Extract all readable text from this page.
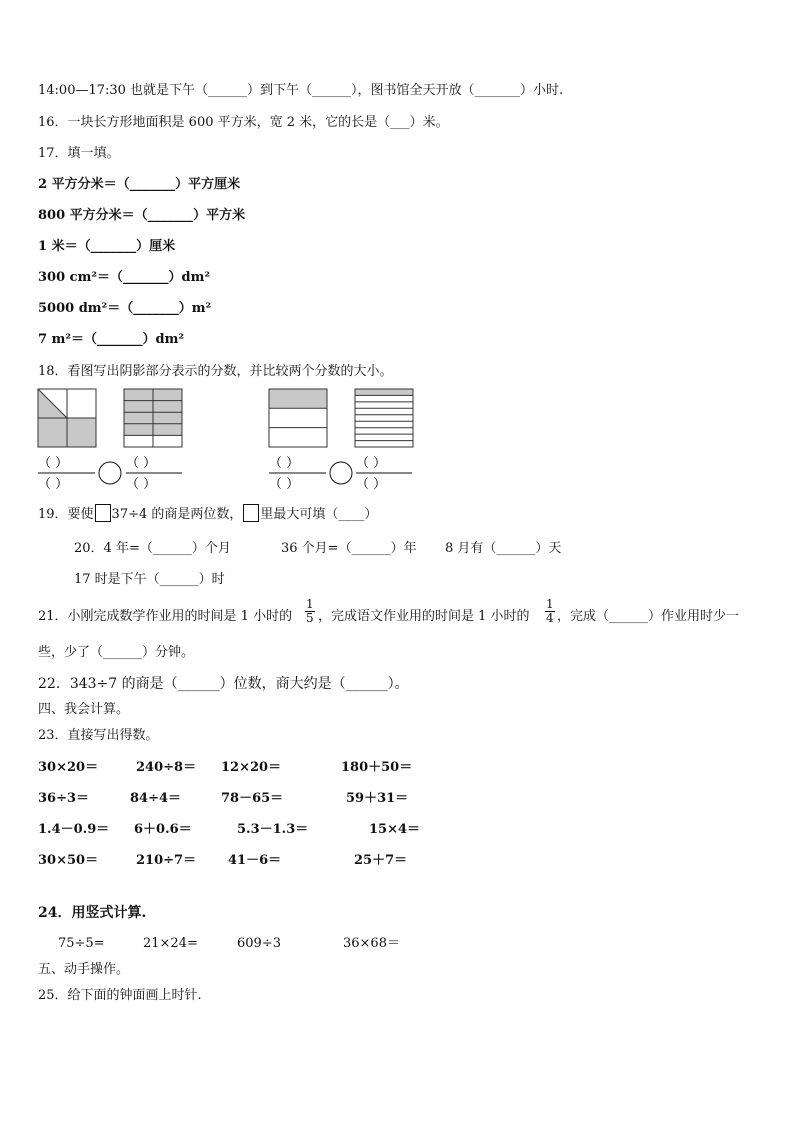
14:00—17:30 也就是下午（______）到下午（______），图书馆全天开放（_______）小时.
16．一块长方形地面积是 600 平方米，宽 2 米，它的长是（___）米。
17．填一填。
2 平方分米＝（_______）平方厘米
800 平方分米＝（_______）平方米
1 米＝（_______）厘米
300 cm²＝（_______）dm²
5000 dm²＝（_______）m²
7 m²＝（_______）dm²
18．看图写出阴影部分表示的分数，并比较两个分数的大小。
（ ）
（ ）
（ ）
（ ）
（ ）
（ ）
（ ）
（ ）
19．要使 37÷4 的商是两位数， 里最大可填（____）
20．4 年=（______）个月	36 个月=（______）年 8 月有（______）天
17 时是下午（______）时
21．小刚完成数学作业用的时间是 1 小时的 $\frac{1}{5}$ ，完成语文作业用的时间是 1 小时的 $\frac{1}{4}$ ，完成（______）作业用时少一
些，少了（______）分钟。
22．343÷7 的商是（______）位数，商大约是（______）。
四、我会计算。
23．直接写出得数。
30×20＝	240÷8＝ 12×20＝	180＋50＝
36÷3＝	84÷4＝	78－65＝	59＋31＝
1.4－0.9＝ 6＋0.6＝	5.3－1.3＝	15×4＝
30×50＝	210÷7＝ 41－6＝	25＋7＝
24．用竖式计算.
75÷5=	21×24=	609÷3	36×68＝
五、动手操作。
25．给下面的钟面画上时针.
